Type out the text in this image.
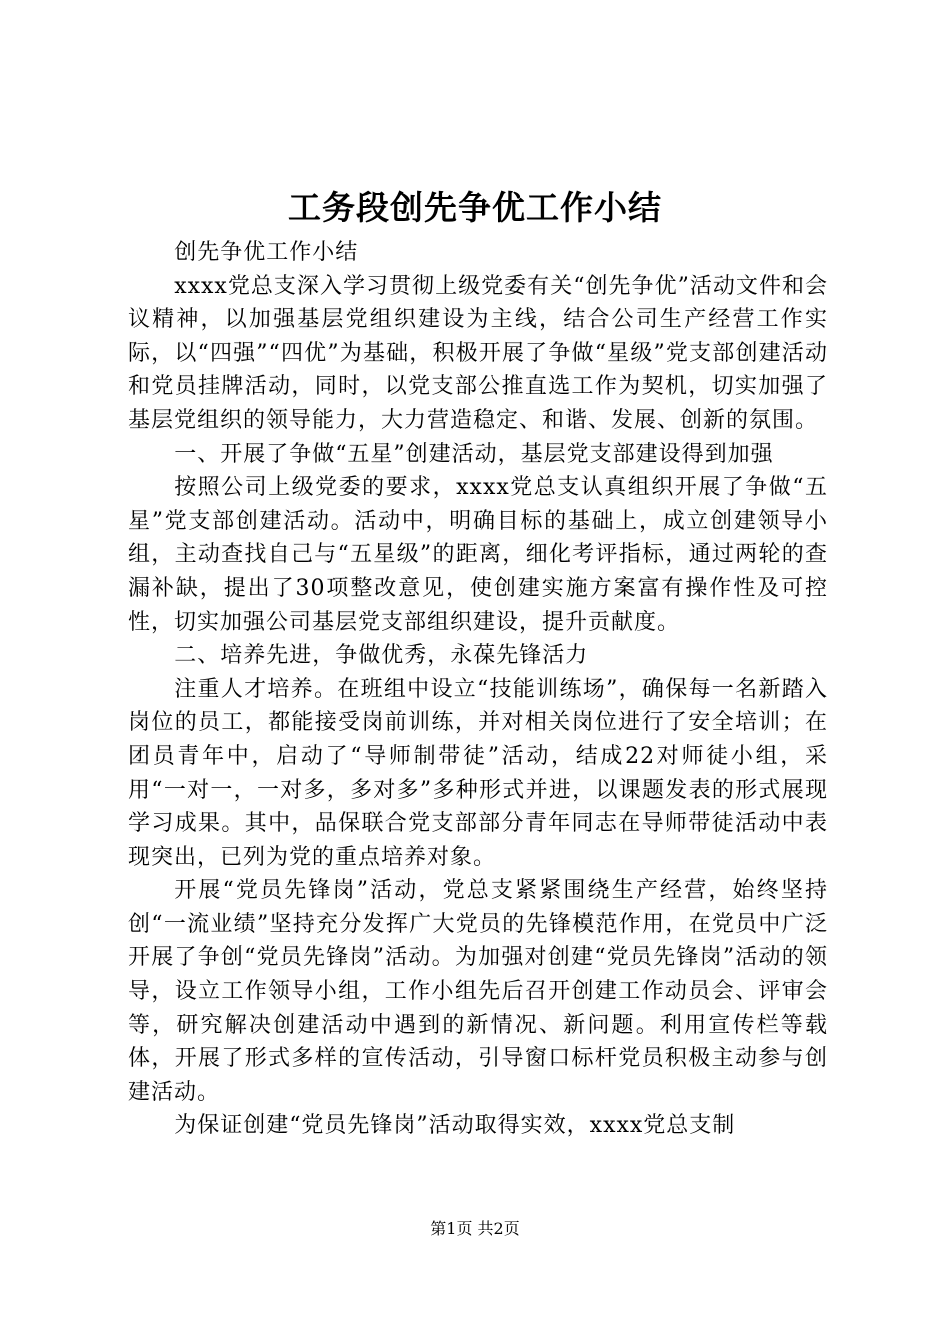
工务段创先争优工作小结

创先争优工作小结

xxxx党总支深入学习贯彻上级党委有关“创先争优”活动文件和会议精神，以加强基层党组织建设为主线，结合公司生产经营工作实际，以“四强”“四优”为基础，积极开展了争做“星级”党支部创建活动和党员挂牌活动，同时，以党支部公推直选工作为契机，切实加强了基层党组织的领导能力，大力营造稳定、和谐、发展、创新的氛围。

一、开展了争做“五星”创建活动，基层党支部建设得到加强

按照公司上级党委的要求，xxxx党总支认真组织开展了争做“五星”党支部创建活动。活动中，明确目标的基础上，成立创建领导小组，主动查找自己与“五星级”的距离，细化考评指标，通过两轮的查漏补缺，提出了30项整改意见，使创建实施方案富有操作性及可控性，切实加强公司基层党支部组织建设，提升贡献度。

二、培养先进，争做优秀，永葆先锋活力

注重人才培养。在班组中设立“技能训练场”，确保每一名新踏入岗位的员工，都能接受岗前训练，并对相关岗位进行了安全培训；在团员青年中，启动了“导师制带徒”活动，结成22对师徒小组，采用“一对一，一对多，多对多”多种形式并进，以课题发表的形式展现学习成果。其中，品保联合党支部部分青年同志在导师带徒活动中表现突出，已列为党的重点培养对象。

开展“党员先锋岗”活动，党总支紧紧围绕生产经营，始终坚持创“一流业绩”坚持充分发挥广大党员的先锋模范作用，在党员中广泛开展了争创“党员先锋岗”活动。为加强对创建“党员先锋岗”活动的领导，设立工作领导小组，工作小组先后召开创建工作动员会、评审会等，研究解决创建活动中遇到的新情况、新问题。利用宣传栏等载体，开展了形式多样的宣传活动，引导窗口标杆党员积极主动参与创建活动。

为保证创建“党员先锋岗”活动取得实效，xxxx党总支制

第1页 共2页
